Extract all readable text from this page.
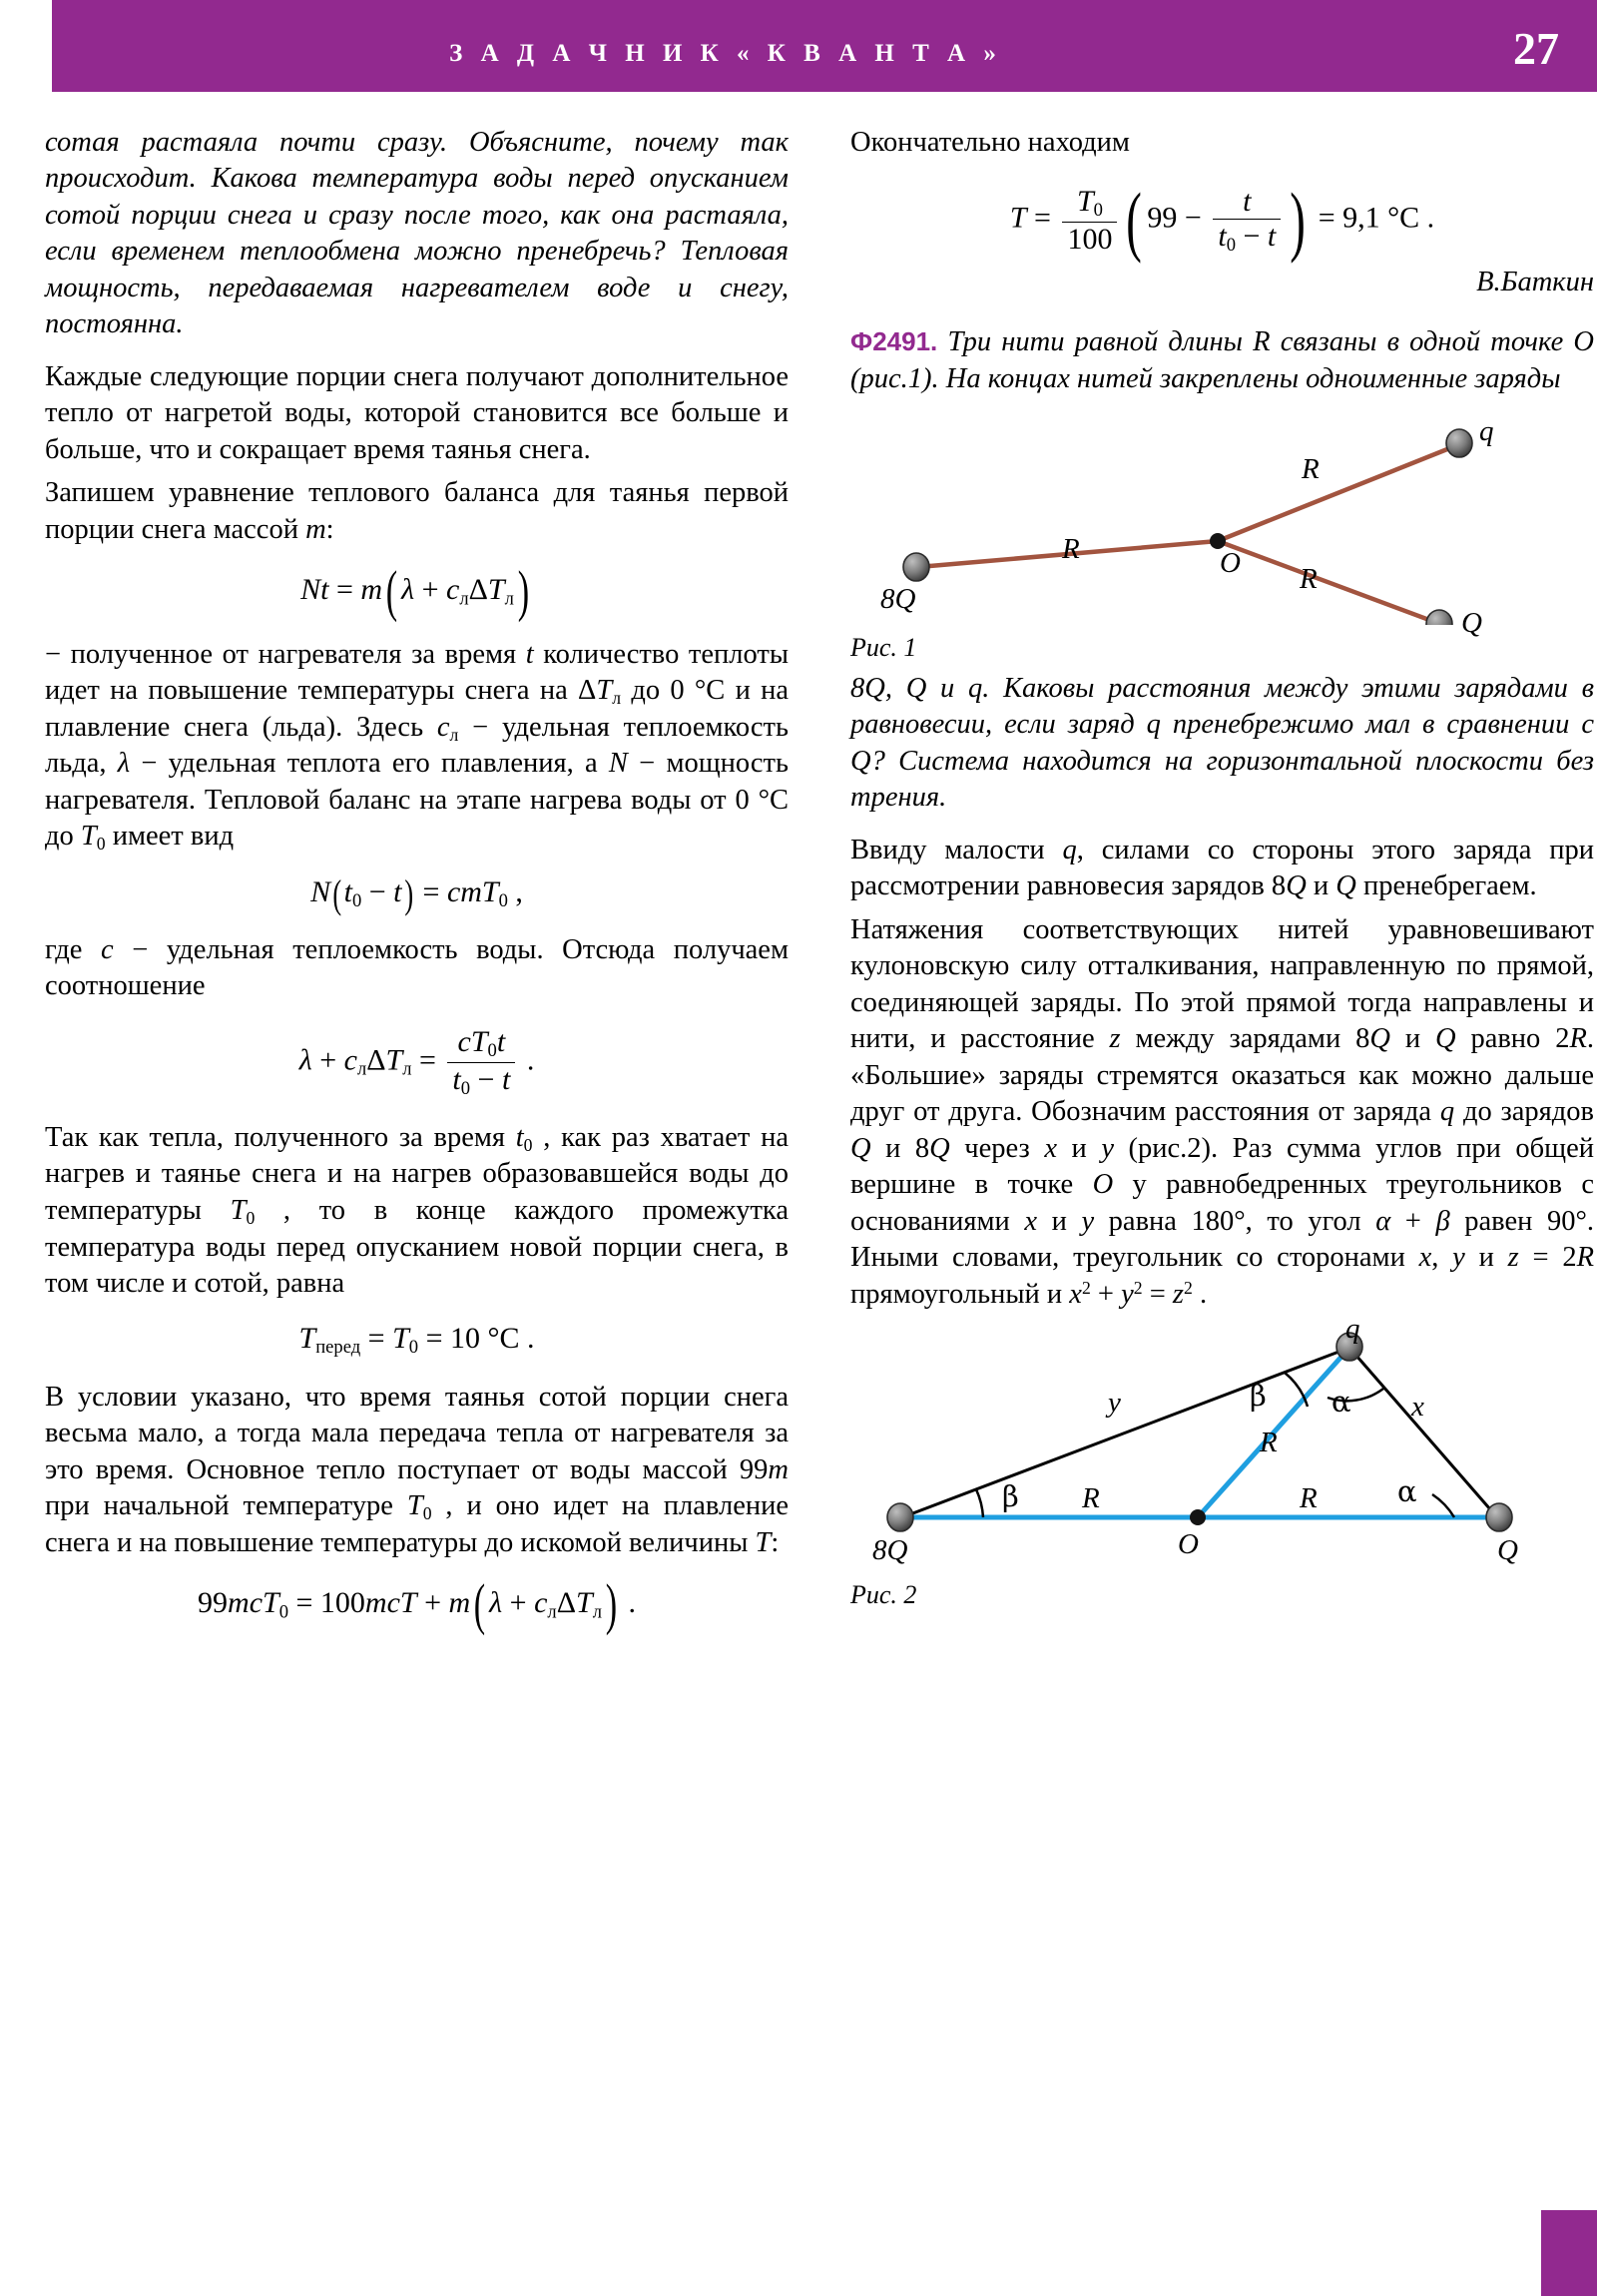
З А Д А Ч Н И К « К В А Н Т А »	27

сотая растаяла почти сразу. Объясните, почему так происходит. Какова температура воды перед опусканием сотой порции снега и сразу после того, как она растаяла, если временем теплообмена можно пренебречь? Тепловая мощность, передаваемая нагревателем воде и снегу, постоянна.

Каждые следующие порции снега получают дополнительное тепло от нагретой воды, которой становится все больше и больше, что и сокращает время таянья снега.

Запишем уравнение теплового баланса для таянья первой порции снега массой m:

Nt = m( $\lambda + c_л\Delta T_л$)

− полученное от нагревателя за время t количество теплоты идет на повышение температуры снега на $\Delta T_л$ до 0 °C и на плавление снега (льда). Здесь $c_л$ − удельная теплоемкость льда, λ − удельная теплота его плавления, а N − мощность нагревателя. Тепловой баланс на этапе нагрева воды от 0 °C до $T_0$ имеет вид

$N(t_0 - t) = cmT_0$ ,

где c − удельная теплоемкость воды. Отсюда получаем соотношение

$\lambda + c_л\Delta T_л = \frac{cT_0t}{t_0 - t}$ .

Так как тепла, полученного за время $t_0$ , как раз хватает на нагрев и таянье снега и на нагрев образовавшейся воды до температуры $T_0$ , то в конце каждого промежутка температура воды перед опусканием новой порции снега, в том числе и сотой, равна

$T_{перед} = T_0 = 10$ °C .

В условии указано, что время таянья сотой порции снега весьма мало, а тогда мала передача тепла от нагревателя за это время. Основное тепло поступает от воды массой 99m при начальной температуре $T_0$ , и оно идет на плавление снега и на повышение температуры до искомой величины T:

99mcT$_0$ = 100mcT + m( $\lambda + c_л\Delta T_л$) .

Окончательно находим

$T = \frac{T_0}{100}$ ( $99 - \frac{t}{t_0 - t}$ ) = 9,1 °C .
В.Баткин

Ф2491. Три нити равной длины R связаны в одной точке O (рис.1). На концах нитей закреплены одноименные заряды

8Q
q
Q
O
R
R
R
Рис. 1

8Q, Q и q. Каковы расстояния между этими зарядами в равновесии, если заряд q пренебрежимо мал в сравнении с Q? Система находится на горизонтальной плоскости без трения.

Ввиду малости q, силами со стороны этого заряда при рассмотрении равновесия зарядов 8Q и Q пренебрегаем.

Натяжения соответствующих нитей уравновешивают кулоновскую силу отталкивания, направленную по прямой, соединяющей заряды. По этой прямой тогда направлены и нити, и расстояние z между зарядами 8Q и Q равно 2R. «Большие» заряды стремятся оказаться как можно дальше друг от друга. Обозначим расстояния от заряда q до зарядов Q и 8Q через x и y (рис.2). Раз сумма углов при общей вершине в точке O у равнобедренных треугольников с основаниями x и y равна 180°, то угол α + β равен 90°. Иными словами, треугольник со сторонами x, y и z = 2R прямоугольный и $x^2 + y^2 = z^2$ .

8Q
q
Q
O
y	x
R
R	R
β
β α
α
Рис. 2
